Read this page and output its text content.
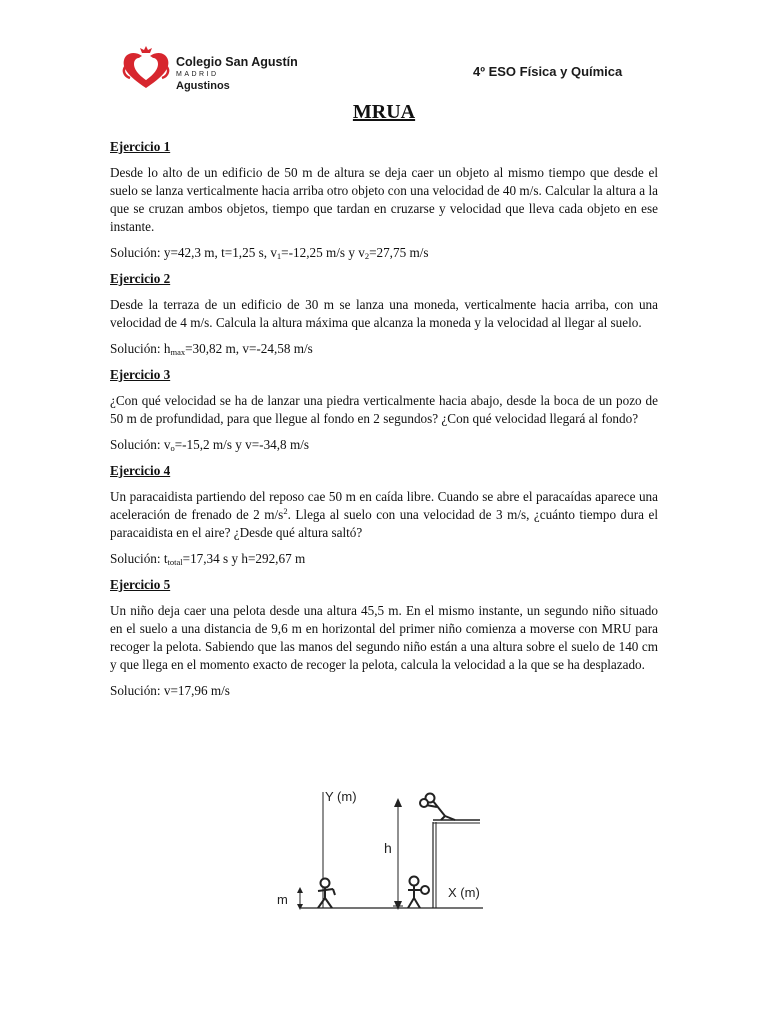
Colegio San Agustín
MADRID
Agustinos
4º ESO Física y Química
MRUA

Ejercicio 1

Desde lo alto de un edificio de 50 m de altura se deja caer un objeto al mismo tiempo que desde el suelo se lanza verticalmente hacia arriba otro objeto con una velocidad de 40 m/s. Calcular la altura a la que se cruzan ambos objetos, tiempo que tardan en cruzarse y velocidad que lleva cada objeto en ese instante.

Solución: y=42,3 m, t=1,25 s, $v_1=-12,25$ m/s y $v_2=27,75$ m/s

Ejercicio 2

Desde la terraza de un edificio de 30 m se lanza una moneda, verticalmente hacia arriba, con una velocidad de 4 m/s. Calcula la altura máxima que alcanza la moneda y la velocidad al llegar al suelo.

Solución: $h_{max}=30,82$ m, v=-24,58 m/s

Ejercicio 3

¿Con qué velocidad se ha de lanzar una piedra verticalmente hacia abajo, desde la boca de un pozo de 50 m de profundidad, para que llegue al fondo en 2 segundos? ¿Con qué velocidad llegará al fondo?

Solución: $v_o=-15,2$ m/s y v=-34,8 m/s

Ejercicio 4

Un paracaidista partiendo del reposo cae 50 m en caída libre. Cuando se abre el paracaídas aparece una aceleración de frenado de 2 $m/s^2$. Llega al suelo con una velocidad de 3 m/s, ¿cuánto tiempo dura el paracaidista en el aire? ¿Desde qué altura saltó?

Solución: $t_{total}=17,34$ s y h=292,67 m

Ejercicio 5

Un niño deja caer una pelota desde una altura 45,5 m. En el mismo instante, un segundo niño situado en el suelo a una distancia de 9,6 m en horizontal del primer niño comienza a moverse con MRU para recoger la pelota. Sabiendo que las manos del segundo niño están a una altura sobre el suelo de 140 cm y que llega en el momento exacto de recoger la pelota, calcula la velocidad a la que se ha desplazado.

Solución: v=17,96 m/s

Y (m)
X (m)
h
m
